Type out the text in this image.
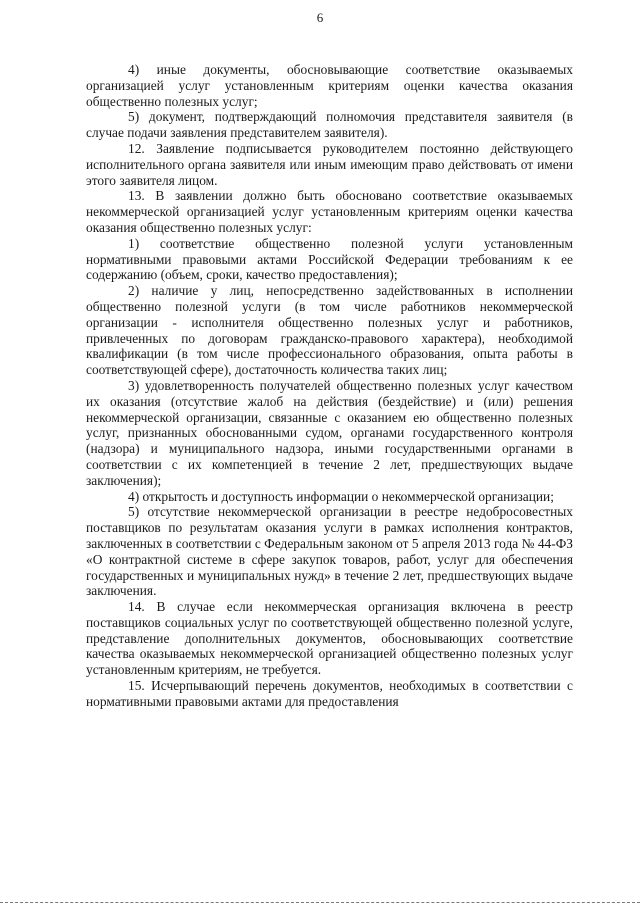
6

4) иные документы, обосновывающие соответствие оказываемых организацией услуг установленным критериям оценки качества оказания общественно полезных услуг;

5) документ, подтверждающий полномочия представителя заявителя (в случае подачи заявления представителем заявителя).

12. Заявление подписывается руководителем постоянно действующего исполнительного органа заявителя или иным имеющим право действовать от имени этого заявителя лицом.

13. В заявлении должно быть обосновано соответствие оказываемых некоммерческой организацией услуг установленным критериям оценки качества оказания общественно полезных услуг:

1) соответствие общественно полезной услуги установленным нормативными правовыми актами Российской Федерации требованиям к ее содержанию (объем, сроки, качество предоставления);

2) наличие у лиц, непосредственно задействованных в исполнении общественно полезной услуги (в том числе работников некоммерческой организации - исполнителя общественно полезных услуг и работников, привлеченных по договорам гражданско-правового характера), необходимой квалификации (в том числе профессионального образования, опыта работы в соответствующей сфере), достаточность количества таких лиц;

3) удовлетворенность получателей общественно полезных услуг качеством их оказания (отсутствие жалоб на действия (бездействие) и (или) решения некоммерческой организации, связанные с оказанием ею общественно полезных услуг, признанных обоснованными судом, органами государственного контроля (надзора) и муниципального надзора, иными государственными органами в соответствии с их компетенцией в течение 2 лет, предшествующих выдаче заключения);

4) открытость и доступность информации о некоммерческой организации;

5) отсутствие некоммерческой организации в реестре недобросовестных поставщиков по результатам оказания услуги в рамках исполнения контрактов, заключенных в соответствии с Федеральным законом от 5 апреля 2013 года № 44-ФЗ «О контрактной системе в сфере закупок товаров, работ, услуг для обеспечения государственных и муниципальных нужд» в течение 2 лет, предшествующих выдаче заключения.

14. В случае если некоммерческая организация включена в реестр поставщиков социальных услуг по соответствующей общественно полезной услуге, представление дополнительных документов, обосновывающих соответствие качества оказываемых некоммерческой организацией общественно полезных услуг установленным критериям, не требуется.

15. Исчерпывающий перечень документов, необходимых в соответствии с нормативными правовыми актами для предоставления
